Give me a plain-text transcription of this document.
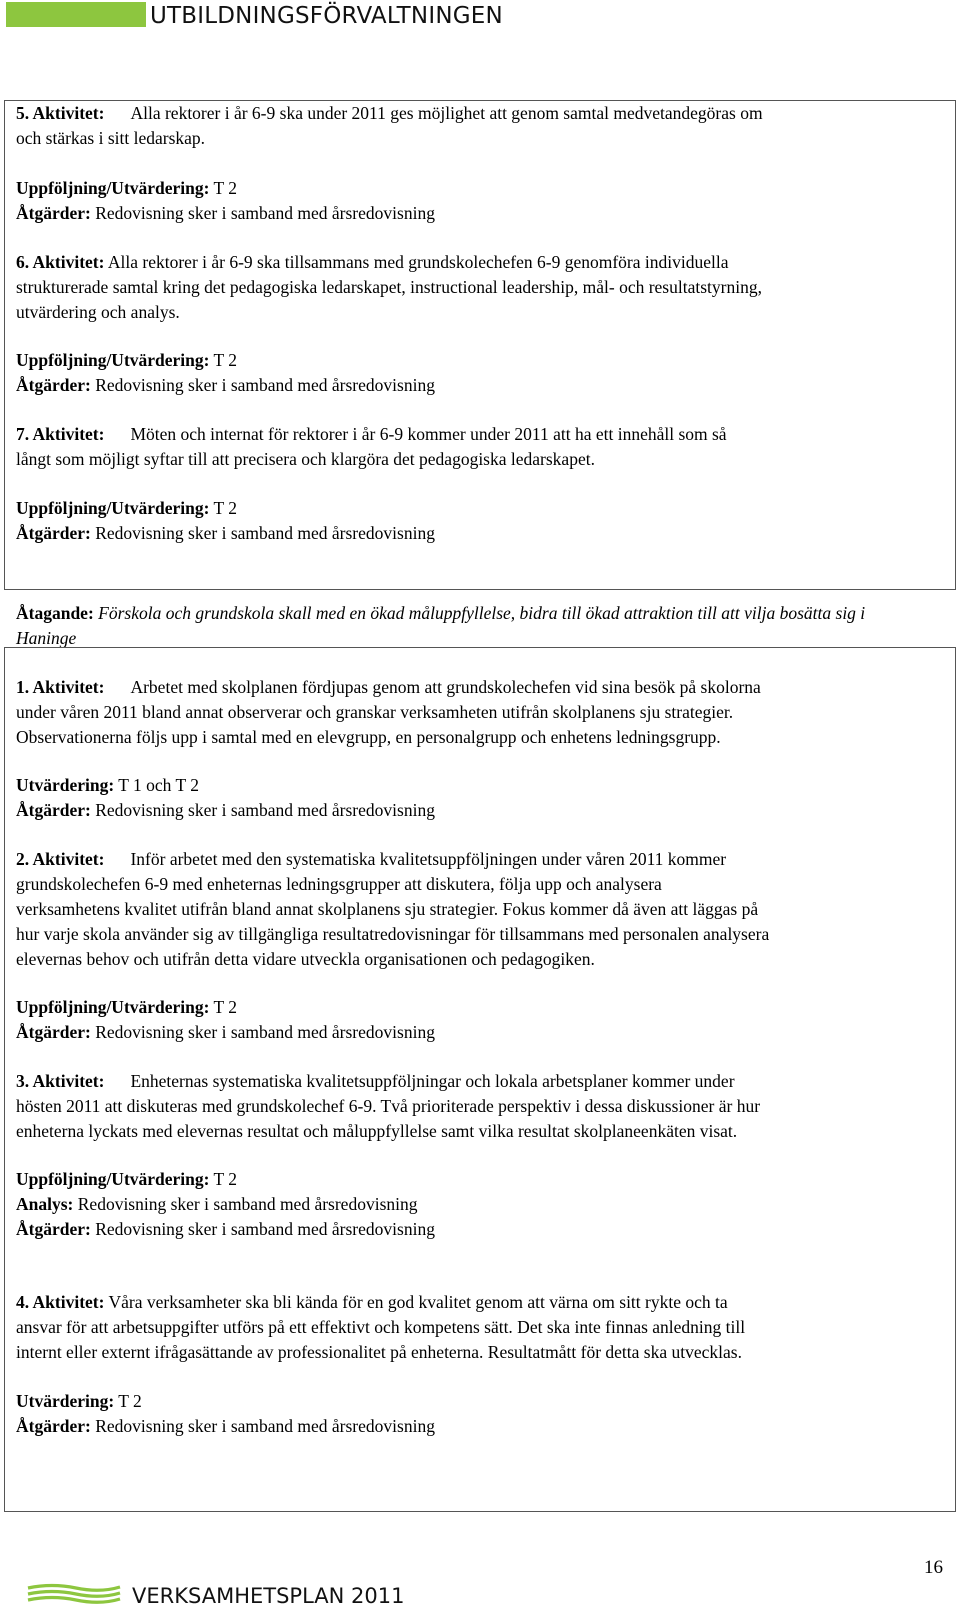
UTBILDNINGSFÖRVALTNINGEN
5. Aktivitet: Alla rektorer i år 6-9 ska under 2011 ges möjlighet att genom samtal medvetandegöras om
och stärkas i sitt ledarskap.
Uppföljning/Utvärdering: T 2
Åtgärder: Redovisning sker i samband med årsredovisning
6. Aktivitet: Alla rektorer i år 6-9 ska tillsammans med grundskolechefen 6-9 genomföra individuella
strukturerade samtal kring det pedagogiska ledarskapet, instructional leadership, mål- och resultatstyrning,
utvärdering och analys.
Uppföljning/Utvärdering: T 2
Åtgärder: Redovisning sker i samband med årsredovisning
7. Aktivitet: Möten och internat för rektorer i år 6-9 kommer under 2011 att ha ett innehåll som så
långt som möjligt syftar till att precisera och klargöra det pedagogiska ledarskapet.
Uppföljning/Utvärdering: T 2
Åtgärder: Redovisning sker i samband med årsredovisning
Åtagande: Förskola och grundskola skall med en ökad måluppfyllelse, bidra till ökad attraktion till att vilja bosätta sig i
Haninge
1. Aktivitet: Arbetet med skolplanen fördjupas genom att grundskolechefen vid sina besök på skolorna
under våren 2011 bland annat observerar och granskar verksamheten utifrån skolplanens sju strategier.
Observationerna följs upp i samtal med en elevgrupp, en personalgrupp och enhetens ledningsgrupp.
Utvärdering: T 1 och T 2
Åtgärder: Redovisning sker i samband med årsredovisning
2. Aktivitet: Inför arbetet med den systematiska kvalitetsuppföljningen under våren 2011 kommer
grundskolechefen 6-9 med enheternas ledningsgrupper att diskutera, följa upp och analysera
verksamhetens kvalitet utifrån bland annat skolplanens sju strategier. Fokus kommer då även att läggas på
hur varje skola använder sig av tillgängliga resultatredovisningar för tillsammans med personalen analysera
elevernas behov och utifrån detta vidare utveckla organisationen och pedagogiken.
Uppföljning/Utvärdering: T 2
Åtgärder: Redovisning sker i samband med årsredovisning
3. Aktivitet: Enheternas systematiska kvalitetsuppföljningar och lokala arbetsplaner kommer under
hösten 2011 att diskuteras med grundskolechef 6-9. Två prioriterade perspektiv i dessa diskussioner är hur
enheterna lyckats med elevernas resultat och måluppfyllelse samt vilka resultat skolplaneenkäten visat.
Uppföljning/Utvärdering: T 2
Analys: Redovisning sker i samband med årsredovisning
Åtgärder: Redovisning sker i samband med årsredovisning
4. Aktivitet: Våra verksamheter ska bli kända för en god kvalitet genom att värna om sitt rykte och ta
ansvar för att arbetsuppgifter utförs på ett effektivt och kompetens sätt. Det ska inte finnas anledning till
internt eller externt ifrågasättande av professionalitet på enheterna. Resultatmått för detta ska utvecklas.
Utvärdering: T 2
Åtgärder: Redovisning sker i samband med årsredovisning
16
VERKSAMHETSPLAN 2011
